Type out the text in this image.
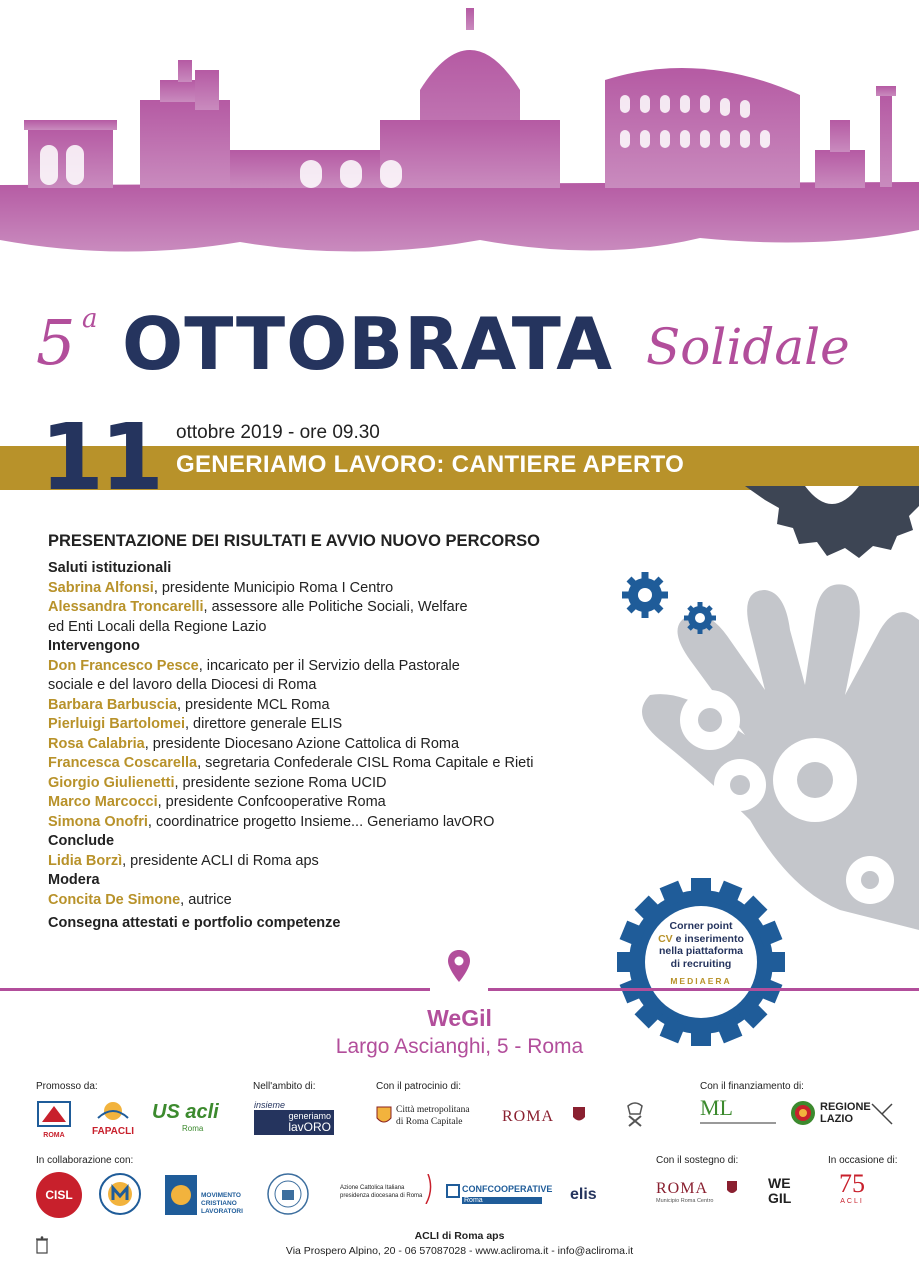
5 a OTTOBRATA Solidale
11 ottobre 2019 - ore 09.30
GENERIAMO LAVORO: CANTIERE APERTO
PRESENTAZIONE DEI RISULTATI E AVVIO NUOVO PERCORSO
Saluti istituzionali
Sabrina Alfonsi, presidente Municipio Roma I Centro
Alessandra Troncarelli, assessore alle Politiche Sociali, Welfare
ed Enti Locali della Regione Lazio
Intervengono
Don Francesco Pesce, incaricato per il Servizio della Pastorale
sociale e del lavoro della Diocesi di Roma
Barbara Barbuscia, presidente MCL Roma
Pierluigi Bartolomei, direttore generale ELIS
Rosa Calabria, presidente Diocesano Azione Cattolica di Roma
Francesca Coscarella, segretaria Confederale CISL Roma Capitale e Rieti
Giorgio Giulienetti, presidente sezione Roma UCID
Marco Marcocci, presidente Confcooperative Roma
Simona Onofri, coordinatrice progetto Insieme... Generiamo lavORO
Conclude
Lidia Borzì, presidente ACLI di Roma aps
Modera
Concita De Simone, autrice
Consegna attestati e portfolio competenze	Corner point
CV e inserimento
nella piattaforma
di recruiting
MEDIAERA
WeGil
Largo Ascianghi, 5 - Roma
Promosso da:	Nell'ambito di:	Con il patrocinio di:	Con il finanziamento di:
ROMA	FAPACLI
US acli
Roma
insieme
generiamo
lavORO
Città metropolitana
di Roma Capitale ROMA	ML	REGIONE
LAZIO
In collaborazione con:	Con il sostegno di:	In occasione di:
CISL	MOVIMENTO
CRISTIANO
LAVORATORI
Azione Cattolica Italiana
presidenza diocesana di Roma
CONFCOOPERATIVE
Roma	elis	ROMA
Municipio Roma Centro
WE
GIL	75
ACLI
ACLI di Roma aps
Via Prospero Alpino, 20 - 06 57087028 - www.acliroma.it - info@acliroma.it
